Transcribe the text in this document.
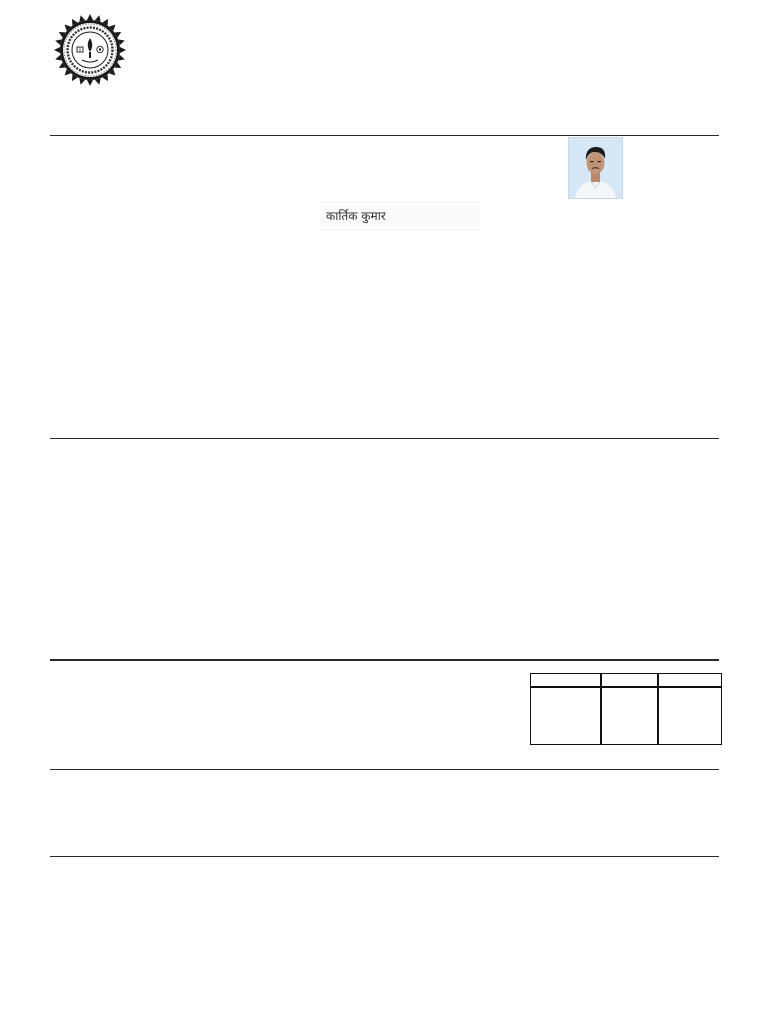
कार्तिक कुमार
